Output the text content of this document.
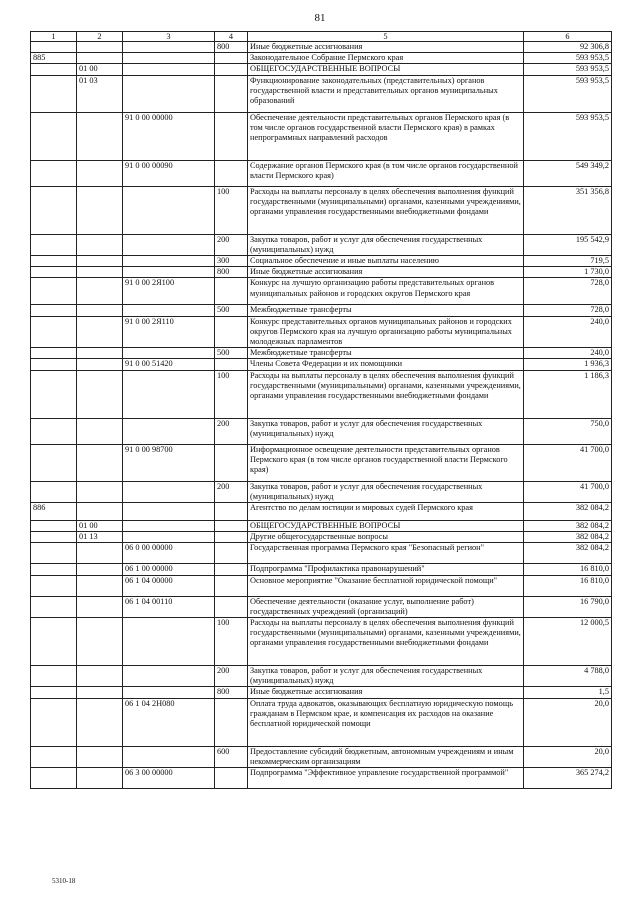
81
1	2	3	4	5	6
			800	Иные бюджетные ассигнования	92 306,8
885				Законодательное Собрание Пермского края	593 953,5
	01 00			ОБЩЕГОСУДАРСТВЕННЫЕ ВОПРОСЫ	593 953,5
	01 03			Функционирование законодательных (представительных) органов государственной власти и представительных органов муниципальных образований	593 953,5
		91 0 00 00000		Обеспечение деятельности представительных органов Пермского края (в том числе органов государственной власти Пермского края) в рамках непрограммных направлений расходов	593 953,5
		91 0 00 00090		Содержание органов Пермского края (в том числе органов государственной власти Пермского края)	549 349,2
			100	Расходы на выплаты персоналу в целях обеспечения выполнения функций государственными (муниципальными) органами, казенными учреждениями, органами управления государственными внебюджетными фондами	351 356,8
			200	Закупка товаров, работ и услуг для обеспечения государственных (муниципальных) нужд	195 542,9
			300	Социальное обеспечение и иные выплаты населению	719,5
			800	Иные бюджетные ассигнования	1 730,0
		91 0 00 2Я100		Конкурс на лучшую организацию работы представительных органов муниципальных районов и городских округов Пермского края	728,0
			500	Межбюджетные трансферты	728,0
		91 0 00 2Я110		Конкурс представительных органов муниципальных районов и городских округов Пермского края на лучшую организацию работы муниципальных молодежных парламентов	240,0
			500	Межбюджетные трансферты	240,0
		91 0 00 51420		Члены Совета Федерации и их помощники	1 936,3
			100	Расходы на выплаты персоналу в целях обеспечения выполнения функций государственными (муниципальными) органами, казенными учреждениями, органами управления государственными внебюджетными фондами	1 186,3
			200	Закупка товаров, работ и услуг для обеспечения государственных (муниципальных) нужд	750,0
		91 0 00 98700		Информационное освещение деятельности представительных органов Пермского края (в том числе органов государственной власти Пермского края)	41 700,0
			200	Закупка товаров, работ и услуг для обеспечения государственных (муниципальных) нужд	41 700,0
886				Агентство по делам юстиции и мировых судей Пермского края	382 084,2
	01 00			ОБЩЕГОСУДАРСТВЕННЫЕ ВОПРОСЫ	382 084,2
	01 13			Другие общегосударственные вопросы	382 084,2
		06 0 00 00000		Государственная программа Пермского края "Безопасный регион"	382 084,2
		06 1 00 00000		Подпрограмма "Профилактика правонарушений"	16 810,0
		06 1 04 00000		Основное мероприятие "Оказание бесплатной юридической помощи"	16 810,0
		06 1 04 00110		Обеспечение деятельности (оказание услуг, выполнение работ) государственных учреждений (организаций)	16 790,0
			100	Расходы на выплаты персоналу в целях обеспечения выполнения функций государственными (муниципальными) органами, казенными учреждениями, органами управления государственными внебюджетными фондами	12 000,5
			200	Закупка товаров, работ и услуг для обеспечения государственных (муниципальных) нужд	4 788,0
			800	Иные бюджетные ассигнования	1,5
		06 1 04 2Н080		Оплата труда адвокатов, оказывающих бесплатную юридическую помощь гражданам в Пермском крае, и компенсация их расходов на оказание бесплатной юридической помощи	20,0
			600	Предоставление субсидий бюджетным, автономным учреждениям и иным некоммерческим организациям	20,0
		06 3 00 00000		Подпрограмма "Эффективное управление государственной программой"	365 274,2
5310-18
